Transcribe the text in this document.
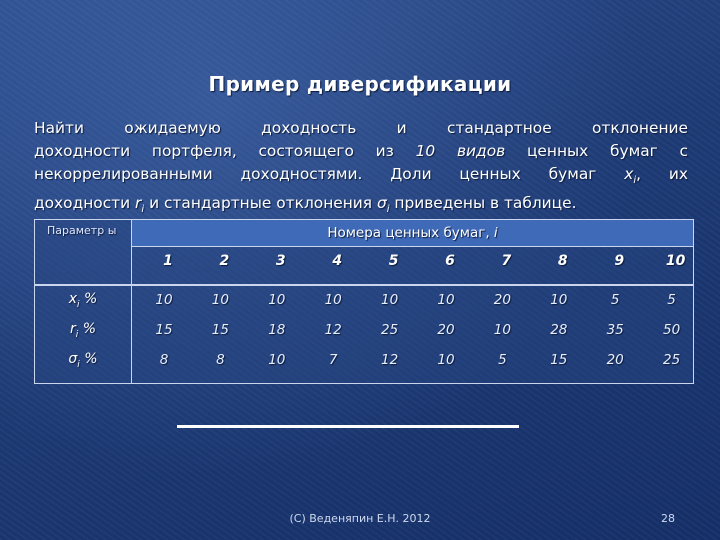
Пример диверсификации
Найти ожидаемую доходность и стандартное отклонение
доходности портфеля, состоящего из 10 видов ценных бумаг с
некоррелированными доходностями. Доли ценных бумаг $x_i$, их
доходности $r_i$ и стандартные отклонения $\sigma_i$ приведены в таблице.
Параметр ы	Номера ценных бумаг, i
1	2	3	4	5	6	7	8	9	10
$x_i$ %	10	10	10	10	10	10	20	10	5	5
$r_i$ %	15	15	18	12	25	20	10	28	35	50
$\sigma_i$ %	8	8	10	7	12	10	5	15	20	25
(C) Веденяпин Е.Н. 2012	28
